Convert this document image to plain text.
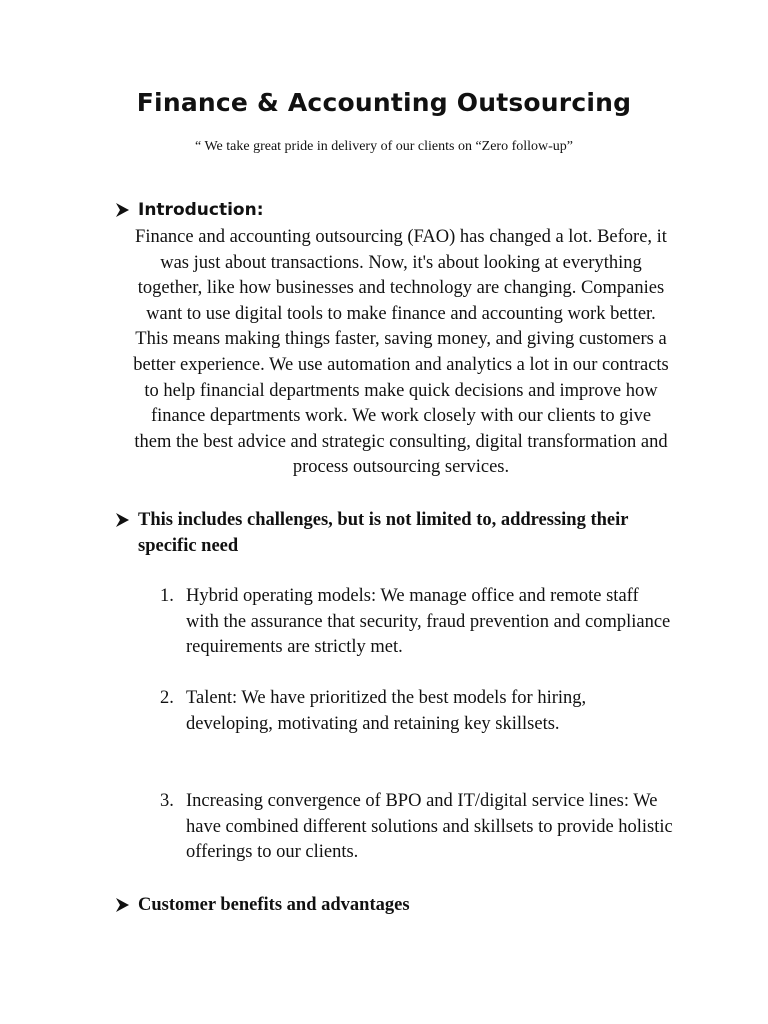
Finance & Accounting Outsourcing

“ We take great pride in delivery of our clients on “Zero follow-up”

Introduction:

Finance and accounting outsourcing (FAO) has changed a lot. Before, it was just about transactions. Now, it's about looking at everything together, like how businesses and technology are changing. Companies want to use digital tools to make finance and accounting work better. This means making things faster, saving money, and giving customers a better experience. We use automation and analytics a lot in our contracts to help financial departments make quick decisions and improve how finance departments work. We work closely with our clients to give them the best advice and strategic consulting, digital transformation and process outsourcing services.

This includes challenges, but is not limited to, addressing their specific need
1. Hybrid operating models: We manage office and remote staff with the assurance that security, fraud prevention and compliance requirements are strictly met.
2. Talent: We have prioritized the best models for hiring, developing, motivating and retaining key skillsets.
3. Increasing convergence of BPO and IT/digital service lines: We have combined different solutions and skillsets to provide holistic offerings to our clients.
Customer benefits and advantages
